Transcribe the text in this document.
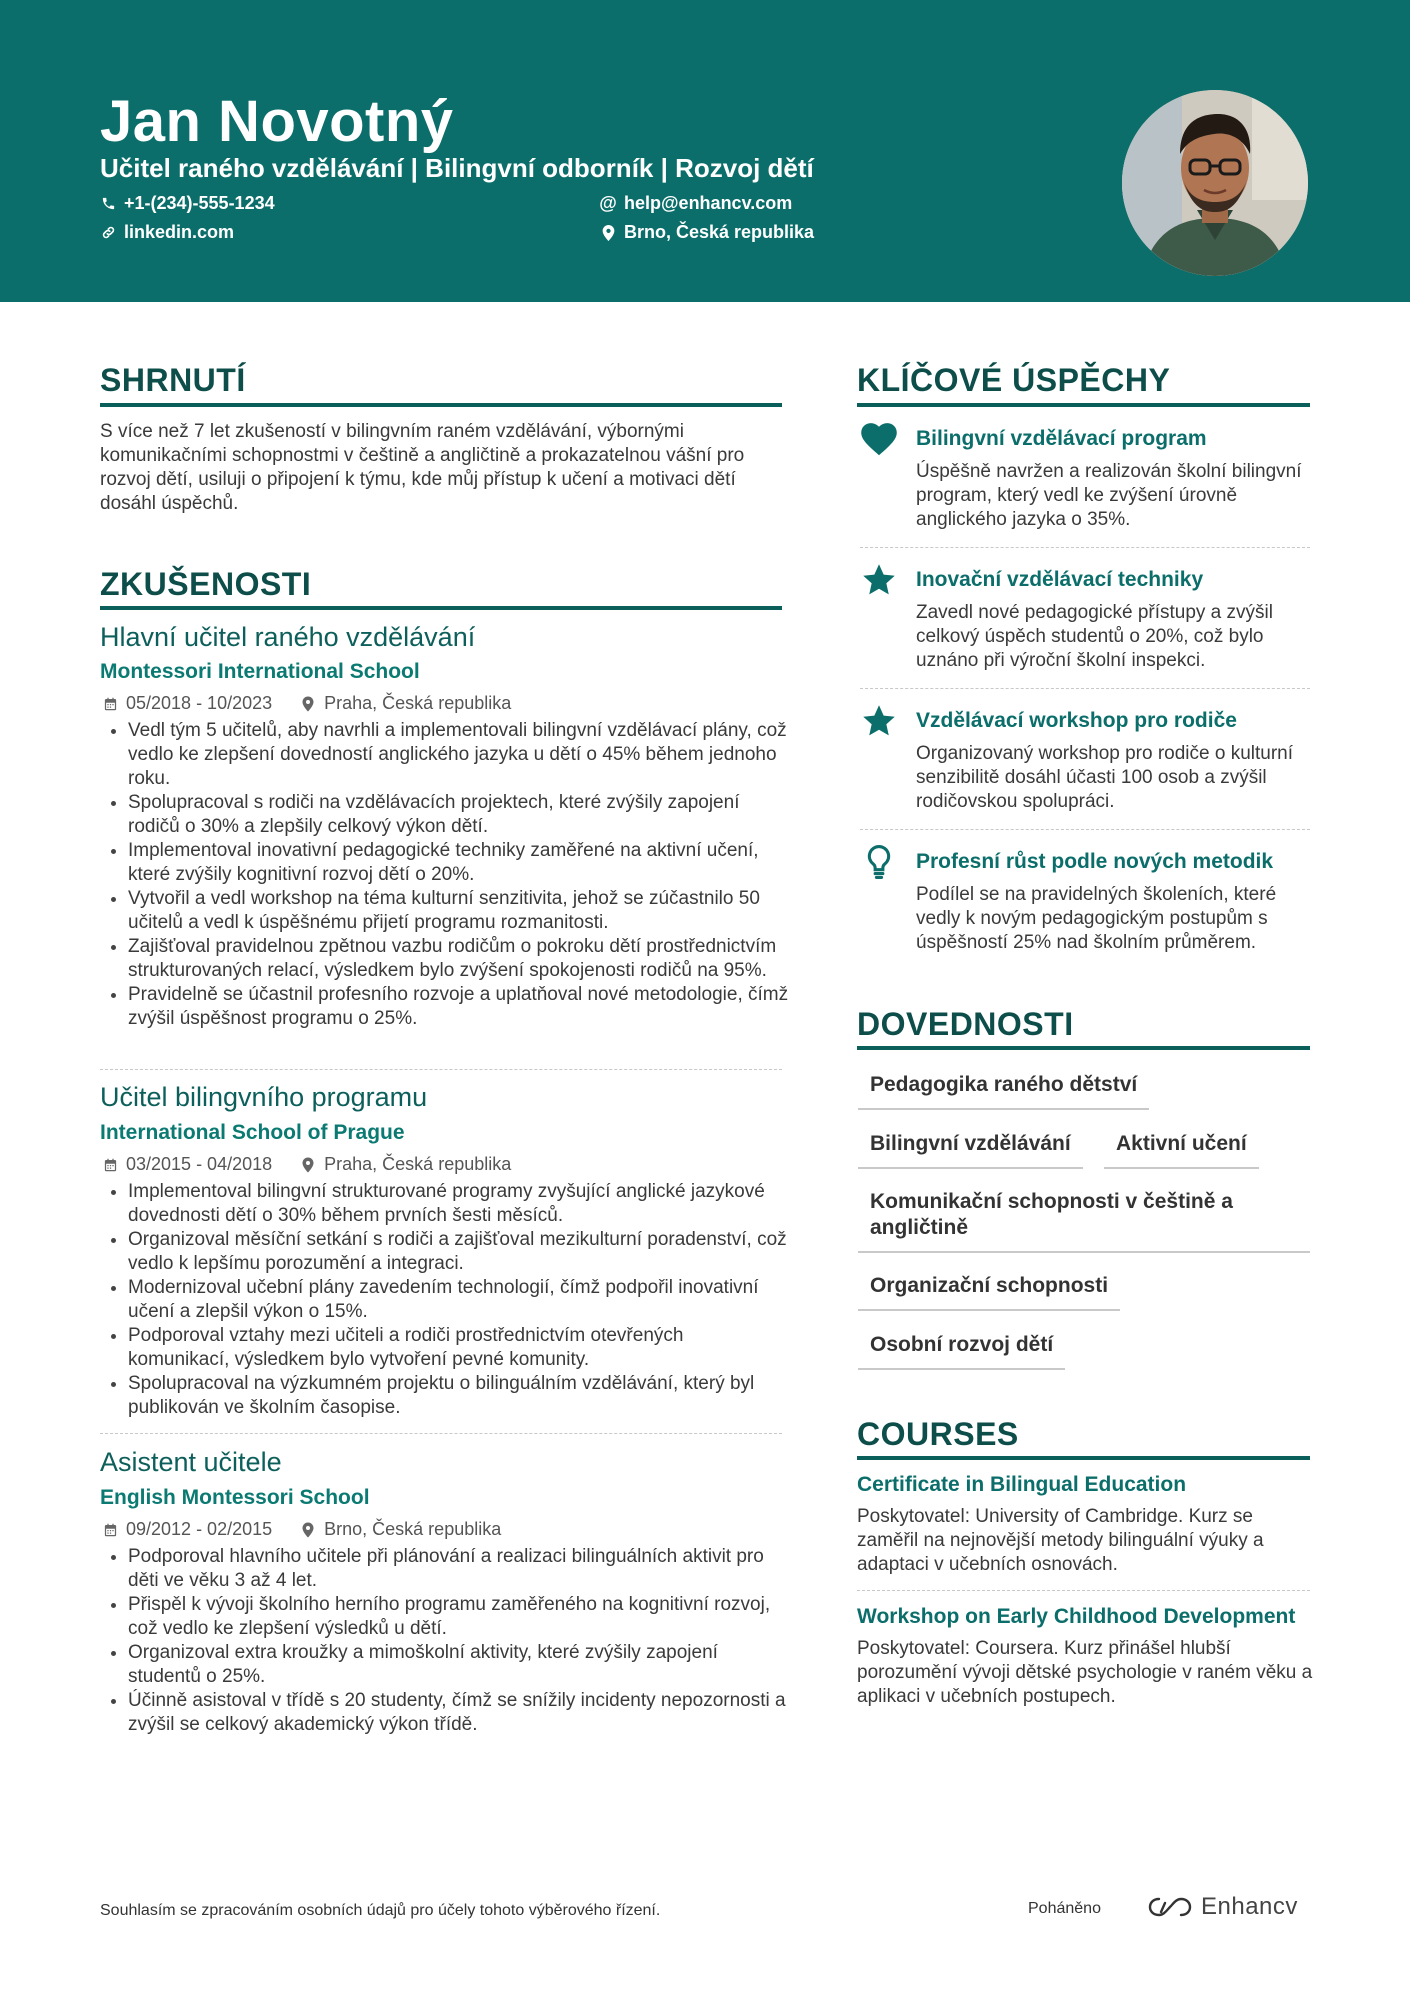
Jan Novotný
Učitel raného vzdělávání | Bilingvní odborník | Rozvoj dětí
+1-(234)-555-1234	@ help@enhancv.com
linkedin.com	Brno, Česká republika
SHRNUTÍ
S více než 7 let zkušeností v bilingvním raném vzdělávání, výbornými komunikačními schopnostmi v češtině a angličtině a prokazatelnou vášní pro rozvoj dětí, usiluji o připojení k týmu, kde můj přístup k učení a motivaci dětí dosáhl úspěchů.
ZKUŠENOSTI
Hlavní učitel raného vzdělávání
Montessori International School
05/2018 - 10/2023	Praha, Česká republika
Vedl tým 5 učitelů, aby navrhli a implementovali bilingvní vzdělávací plány, což vedlo ke zlepšení dovedností anglického jazyka u dětí o 45% během jednoho roku.
Spolupracoval s rodiči na vzdělávacích projektech, které zvýšily zapojení rodičů o 30% a zlepšily celkový výkon dětí.
Implementoval inovativní pedagogické techniky zaměřené na aktivní učení, které zvýšily kognitivní rozvoj dětí o 20%.
Vytvořil a vedl workshop na téma kulturní senzitivita, jehož se zúčastnilo 50 učitelů a vedl k úspěšnému přijetí programu rozmanitosti.
Zajišťoval pravidelnou zpětnou vazbu rodičům o pokroku dětí prostřednictvím strukturovaných relací, výsledkem bylo zvýšení spokojenosti rodičů na 95%.
Pravidelně se účastnil profesního rozvoje a uplatňoval nové metodologie, čímž zvýšil úspěšnost programu o 25%.
Učitel bilingvního programu
International School of Prague
03/2015 - 04/2018	Praha, Česká republika
Implementoval bilingvní strukturované programy zvyšující anglické jazykové dovednosti dětí o 30% během prvních šesti měsíců.
Organizoval měsíční setkání s rodiči a zajišťoval mezikulturní poradenství, což vedlo k lepšímu porozumění a integraci.
Modernizoval učební plány zavedením technologií, čímž podpořil inovativní učení a zlepšil výkon o 15%.
Podporoval vztahy mezi učiteli a rodiči prostřednictvím otevřených komunikací, výsledkem bylo vytvoření pevné komunity.
Spolupracoval na výzkumném projektu o bilinguálním vzdělávání, který byl publikován ve školním časopise.
Asistent učitele
English Montessori School
09/2012 - 02/2015	Brno, Česká republika
Podporoval hlavního učitele při plánování a realizaci bilinguálních aktivit pro děti ve věku 3 až 4 let.
Přispěl k vývoji školního herního programu zaměřeného na kognitivní rozvoj, což vedlo ke zlepšení výsledků u dětí.
Organizoval extra kroužky a mimoškolní aktivity, které zvýšily zapojení studentů o 25%.
Účinně asistoval v třídě s 20 studenty, čímž se snížily incidenty nepozornosti a zvýšil se celkový akademický výkon třídě.
KLÍČOVÉ ÚSPĚCHY
Bilingvní vzdělávací program
Úspěšně navržen a realizován školní bilingvní program, který vedl ke zvýšení úrovně anglického jazyka o 35%.
Inovační vzdělávací techniky
Zavedl nové pedagogické přístupy a zvýšil celkový úspěch studentů o 20%, což bylo uznáno při výroční školní inspekci.
Vzdělávací workshop pro rodiče
Organizovaný workshop pro rodiče o kulturní senzibilitě dosáhl účasti 100 osob a zvýšil rodičovskou spolupráci.
Profesní růst podle nových metodik
Podílel se na pravidelných školeních, které vedly k novým pedagogickým postupům s úspěšností 25% nad školním průměrem.
DOVEDNOSTI
Pedagogika raného dětství
Bilingvní vzdělávání	Aktivní učení
Komunikační schopnosti v češtině a angličtině
Organizační schopnosti
Osobní rozvoj dětí
COURSES
Certificate in Bilingual Education
Poskytovatel: University of Cambridge. Kurz se zaměřil na nejnovější metody bilinguální výuky a adaptaci v učebních osnovách.
Workshop on Early Childhood Development
Poskytovatel: Coursera. Kurz přinášel hlubší porozumění vývoji dětské psychologie v raném věku a aplikaci v učebních postupech.
Souhlasím se zpracováním osobních údajů pro účely tohoto výběrového řízení.	Poháněno	Enhancv
